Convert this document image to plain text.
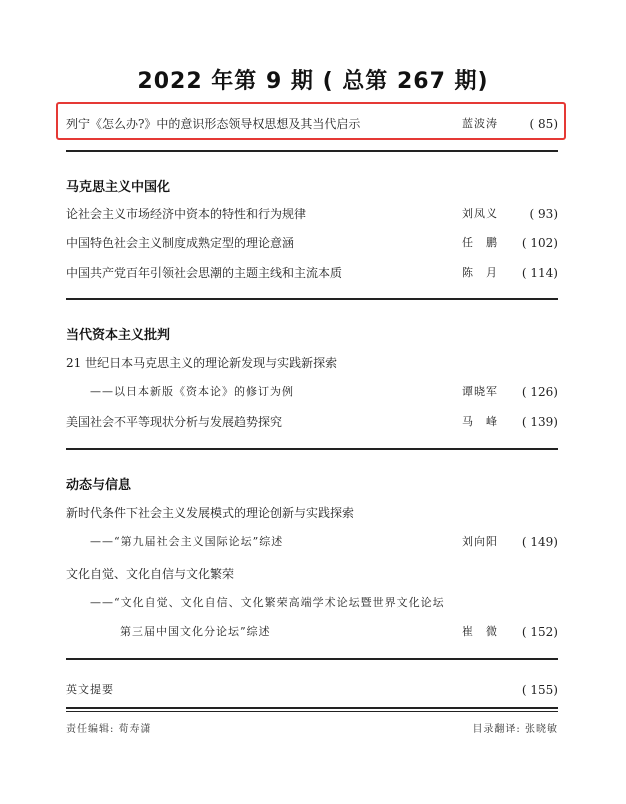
2022 年第 9 期 ( 总第 267 期)
列宁《怎么办?》中的意识形态领导权思想及其当代启示	蓝波涛	( 85)
马克思主义中国化
论社会主义市场经济中资本的特性和行为规律	刘凤义	( 93)
中国特色社会主义制度成熟定型的理论意涵	任　鹏 ( 102)
中国共产党百年引领社会思潮的主题主线和主流本质	陈　月 ( 114)
当代资本主义批判
21 世纪日本马克思主义的理论新发现与实践新探索
——以日本新版《资本论》的修订为例	谭晓军 ( 126)
美国社会不平等现状分析与发展趋势探究	马　峰 ( 139)
动态与信息
新时代条件下社会主义发展模式的理论创新与实践探索
——“第九届社会主义国际论坛”综述	刘向阳 ( 149)
文化自觉、文化自信与文化繁荣
——“文化自觉、文化自信、文化繁荣高端学术论坛暨世界文化论坛
第三届中国文化分论坛”综述	崔　微 ( 152)
英文提要	( 155)
责任编辑: 荀寿潇	目录翻译: 张晓敏
